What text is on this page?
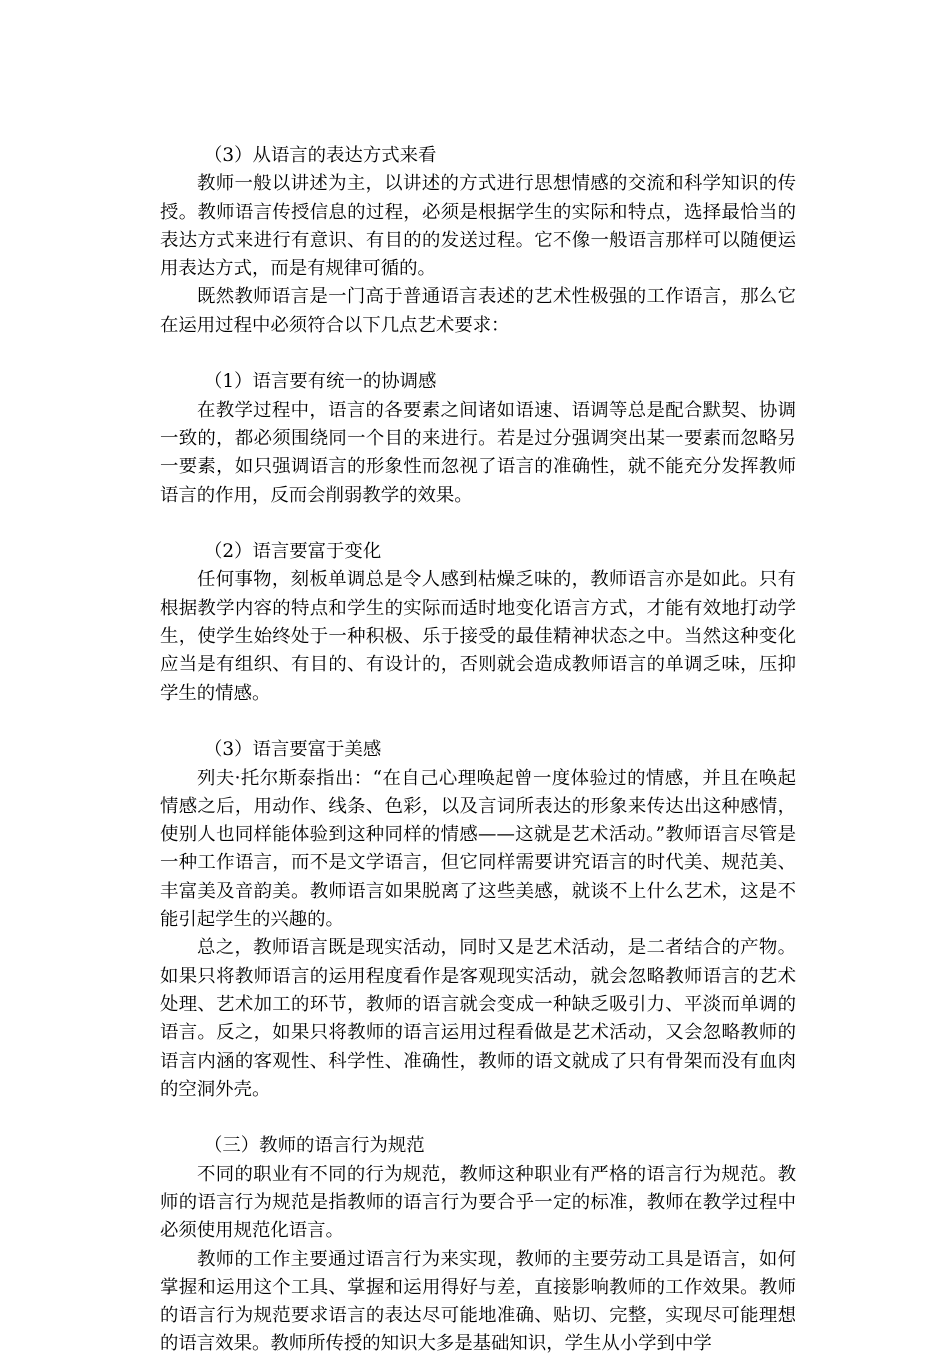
（3）从语言的表达方式来看

教师一般以讲述为主，以讲述的方式进行思想情感的交流和科学知识的传授。教师语言传授信息的过程，必须是根据学生的实际和特点，选择最恰当的表达方式来进行有意识、有目的的发送过程。它不像一般语言那样可以随便运用表达方式，而是有规律可循的。

既然教师语言是一门高于普通语言表述的艺术性极强的工作语言，那么它在运用过程中必须符合以下几点艺术要求：

（1）语言要有统一的协调感

在教学过程中，语言的各要素之间诸如语速、语调等总是配合默契、协调一致的，都必须围绕同一个目的来进行。若是过分强调突出某一要素而忽略另一要素，如只强调语言的形象性而忽视了语言的准确性，就不能充分发挥教师语言的作用，反而会削弱教学的效果。

（2）语言要富于变化

任何事物，刻板单调总是令人感到枯燥乏味的，教师语言亦是如此。只有根据教学内容的特点和学生的实际而适时地变化语言方式，才能有效地打动学生，使学生始终处于一种积极、乐于接受的最佳精神状态之中。当然这种变化应当是有组织、有目的、有设计的，否则就会造成教师语言的单调乏味，压抑学生的情感。

（3）语言要富于美感

列夫·托尔斯泰指出：“在自己心理唤起曾一度体验过的情感，并且在唤起情感之后，用动作、线条、色彩，以及言词所表达的形象来传达出这种感情，使别人也同样能体验到这种同样的情感——这就是艺术活动。”教师语言尽管是一种工作语言，而不是文学语言，但它同样需要讲究语言的时代美、规范美、丰富美及音韵美。教师语言如果脱离了这些美感，就谈不上什么艺术，这是不能引起学生的兴趣的。

总之，教师语言既是现实活动，同时又是艺术活动，是二者结合的产物。如果只将教师语言的运用程度看作是客观现实活动，就会忽略教师语言的艺术处理、艺术加工的环节，教师的语言就会变成一种缺乏吸引力、平淡而单调的语言。反之，如果只将教师的语言运用过程看做是艺术活动，又会忽略教师的语言内涵的客观性、科学性、准确性，教师的语文就成了只有骨架而没有血肉的空洞外壳。

（三）教师的语言行为规范

不同的职业有不同的行为规范，教师这种职业有严格的语言行为规范。教师的语言行为规范是指教师的语言行为要合乎一定的标准，教师在教学过程中必须使用规范化语言。

教师的工作主要通过语言行为来实现，教师的主要劳动工具是语言，如何掌握和运用这个工具、掌握和运用得好与差，直接影响教师的工作效果。教师的语言行为规范要求语言的表达尽可能地准确、贴切、完整，实现尽可能理想的语言效果。教师所传授的知识大多是基础知识，学生从小学到中学
